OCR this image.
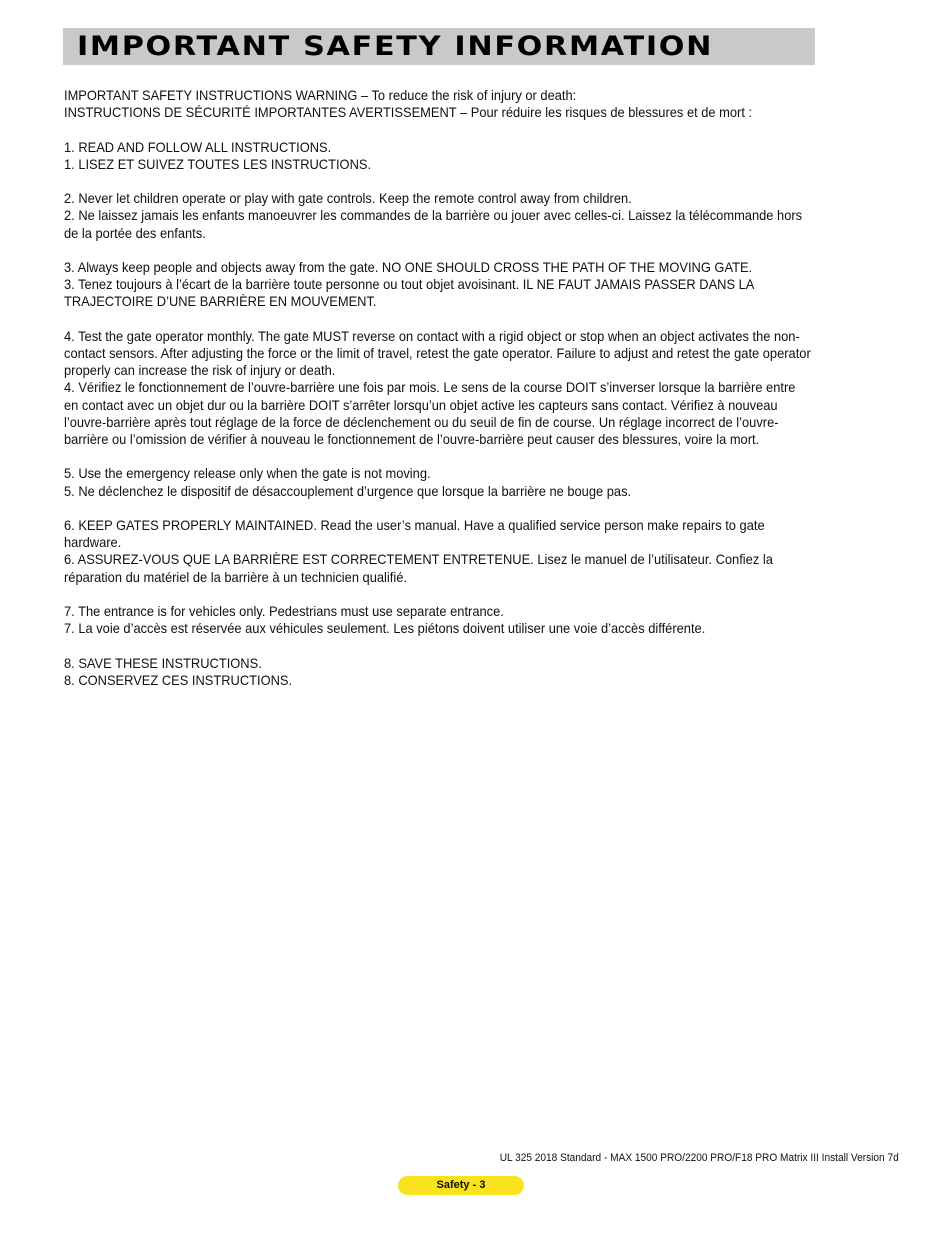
IMPORTANT SAFETY INFORMATION

IMPORTANT SAFETY INSTRUCTIONS WARNING – To reduce the risk of injury or death:

INSTRUCTIONS DE SÉCURITÉ IMPORTANTES AVERTISSEMENT – Pour réduire les risques de blessures et de mort :

1. READ AND FOLLOW ALL INSTRUCTIONS.

1. LISEZ ET SUIVEZ TOUTES LES INSTRUCTIONS.

2. Never let children operate or play with gate controls. Keep the remote control away from children.

2. Ne laissez jamais les enfants manoeuvrer les commandes de la barrière ou jouer avec celles-ci. Laissez la télécommande hors de la portée des enfants.

3. Always keep people and objects away from the gate. NO ONE SHOULD CROSS THE PATH OF THE MOVING GATE.

3. Tenez toujours à l’écart de la barrière toute personne ou tout objet avoisinant. IL NE FAUT JAMAIS PASSER DANS LA TRAJECTOIRE D’UNE BARRIÈRE EN MOUVEMENT.

4. Test the gate operator monthly. The gate MUST reverse on contact with a rigid object or stop when an object activates the non-contact sensors. After adjusting the force or the limit of travel, retest the gate operator. Failure to adjust and retest the gate operator properly can increase the risk of injury or death.

4. Vérifiez le fonctionnement de l’ouvre-barrière une fois par mois. Le sens de la course DOIT s’inverser lorsque la barrière entre en contact avec un objet dur ou la barrière DOIT s’arrêter lorsqu’un objet active les capteurs sans contact. Vérifiez à nouveau l’ouvre-barrière après tout réglage de la force de déclenchement ou du seuil de fin de course. Un réglage incorrect de l’ouvre-barrière ou l’omission de vérifier à nouveau le fonctionnement de l’ouvre-barrière peut causer des blessures, voire la mort.

5. Use the emergency release only when the gate is not moving.

5. Ne déclenchez le dispositif de désaccouplement d’urgence que lorsque la barrière ne bouge pas.

6. KEEP GATES PROPERLY MAINTAINED. Read the user’s manual. Have a qualified service person make repairs to gate hardware.

6. ASSUREZ-VOUS QUE LA BARRIÈRE EST CORRECTEMENT ENTRETENUE. Lisez le manuel de l’utilisateur. Confiez la réparation du matériel de la barrière à un technicien qualifié.

7. The entrance is for vehicles only. Pedestrians must use separate entrance.

7. La voie d’accès est réservée aux véhicules seulement. Les piétons doivent utiliser une voie d’accès différente.

8. SAVE THESE INSTRUCTIONS.

8. CONSERVEZ CES INSTRUCTIONS.

UL 325 2018 Standard - MAX 1500 PRO/2200 PRO/F18 PRO Matrix III Install Version 7d
Safety - 3
